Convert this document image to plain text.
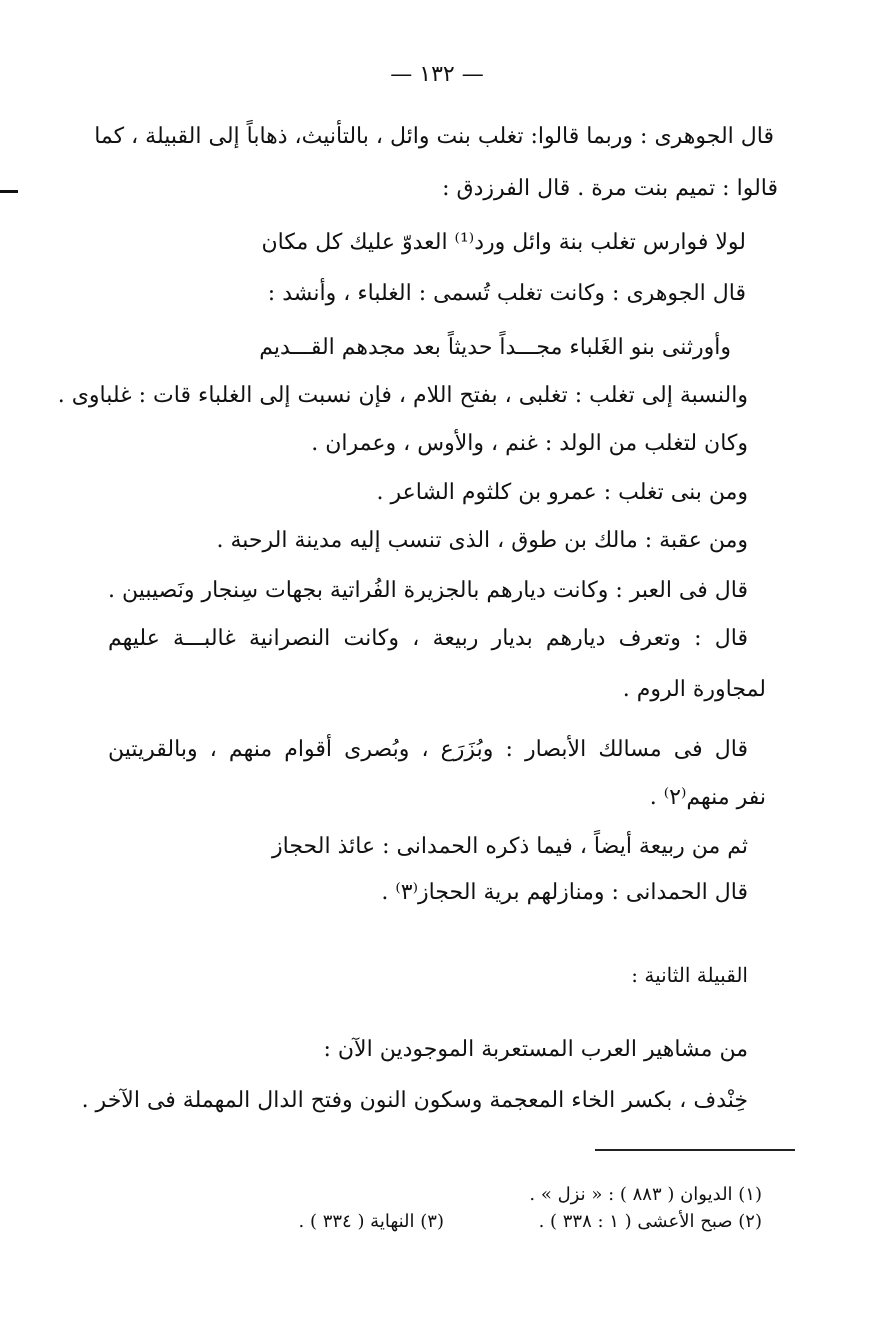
— ١٣٢ —
قال الجوهرى : وربما قالوا: تغلب بنت وائل ، بالتأنيث، ذهاباً إلى القبيلة ، كما
قالوا : تميم بنت مرة . قال الفرزدق :
لولا فوارس تغلب بنة وائل ورد⁽¹⁾ العدوّ عليك كل مكان
قال الجوهرى : وكانت تغلب تُسمى : الغلباء ، وأنشد :
وأورثنى بنو الغَلباء مجـــداً حديثاً بعد مجدهم القـــديم
والنسبة إلى تغلب : تغلبى ، بفتح اللام ، فإن نسبت إلى الغلباء قات : غلباوى .
وكان لتغلب من الولد : غنم ، والأوس ، وعمران .
ومن بنى تغلب : عمرو بن كلثوم الشاعر .
ومن عقبة : مالك بن طوق ، الذى تنسب إليه مدينة الرحبة .
قال فى العبر : وكانت ديارهم بالجزيرة الفُراتية بجهات سِنجار ونَصيبين .
قال : وتعرف ديارهم بديار ربيعة ، وكانت النصرانية غالبـــة عليهم
لمجاورة الروم .
قال فى مسالك الأبصار : وبُزَرَع ، وبُصرى أقوام منهم ، وبالقريتين
نفر منهم⁽٢⁾ .
ثم من ربيعة أيضاً ، فيما ذكره الحمدانى : عائذ الحجاز
قال الحمدانى : ومنازلهم برية الحجاز⁽٣⁾ .
القبيلة الثانية :
من مشاهير العرب المستعربة الموجودين الآن :
خِنْدف ، بكسر الخاء المعجمة وسكون النون وفتح الدال المهملة فى الآخر .
(١) الديوان ( ٨٨٣ ) : « نزل » .
(٢) صبح الأعشى ( ١ : ٣٣٨ ) .
(٣) النهاية ( ٣٣٤ ) .
